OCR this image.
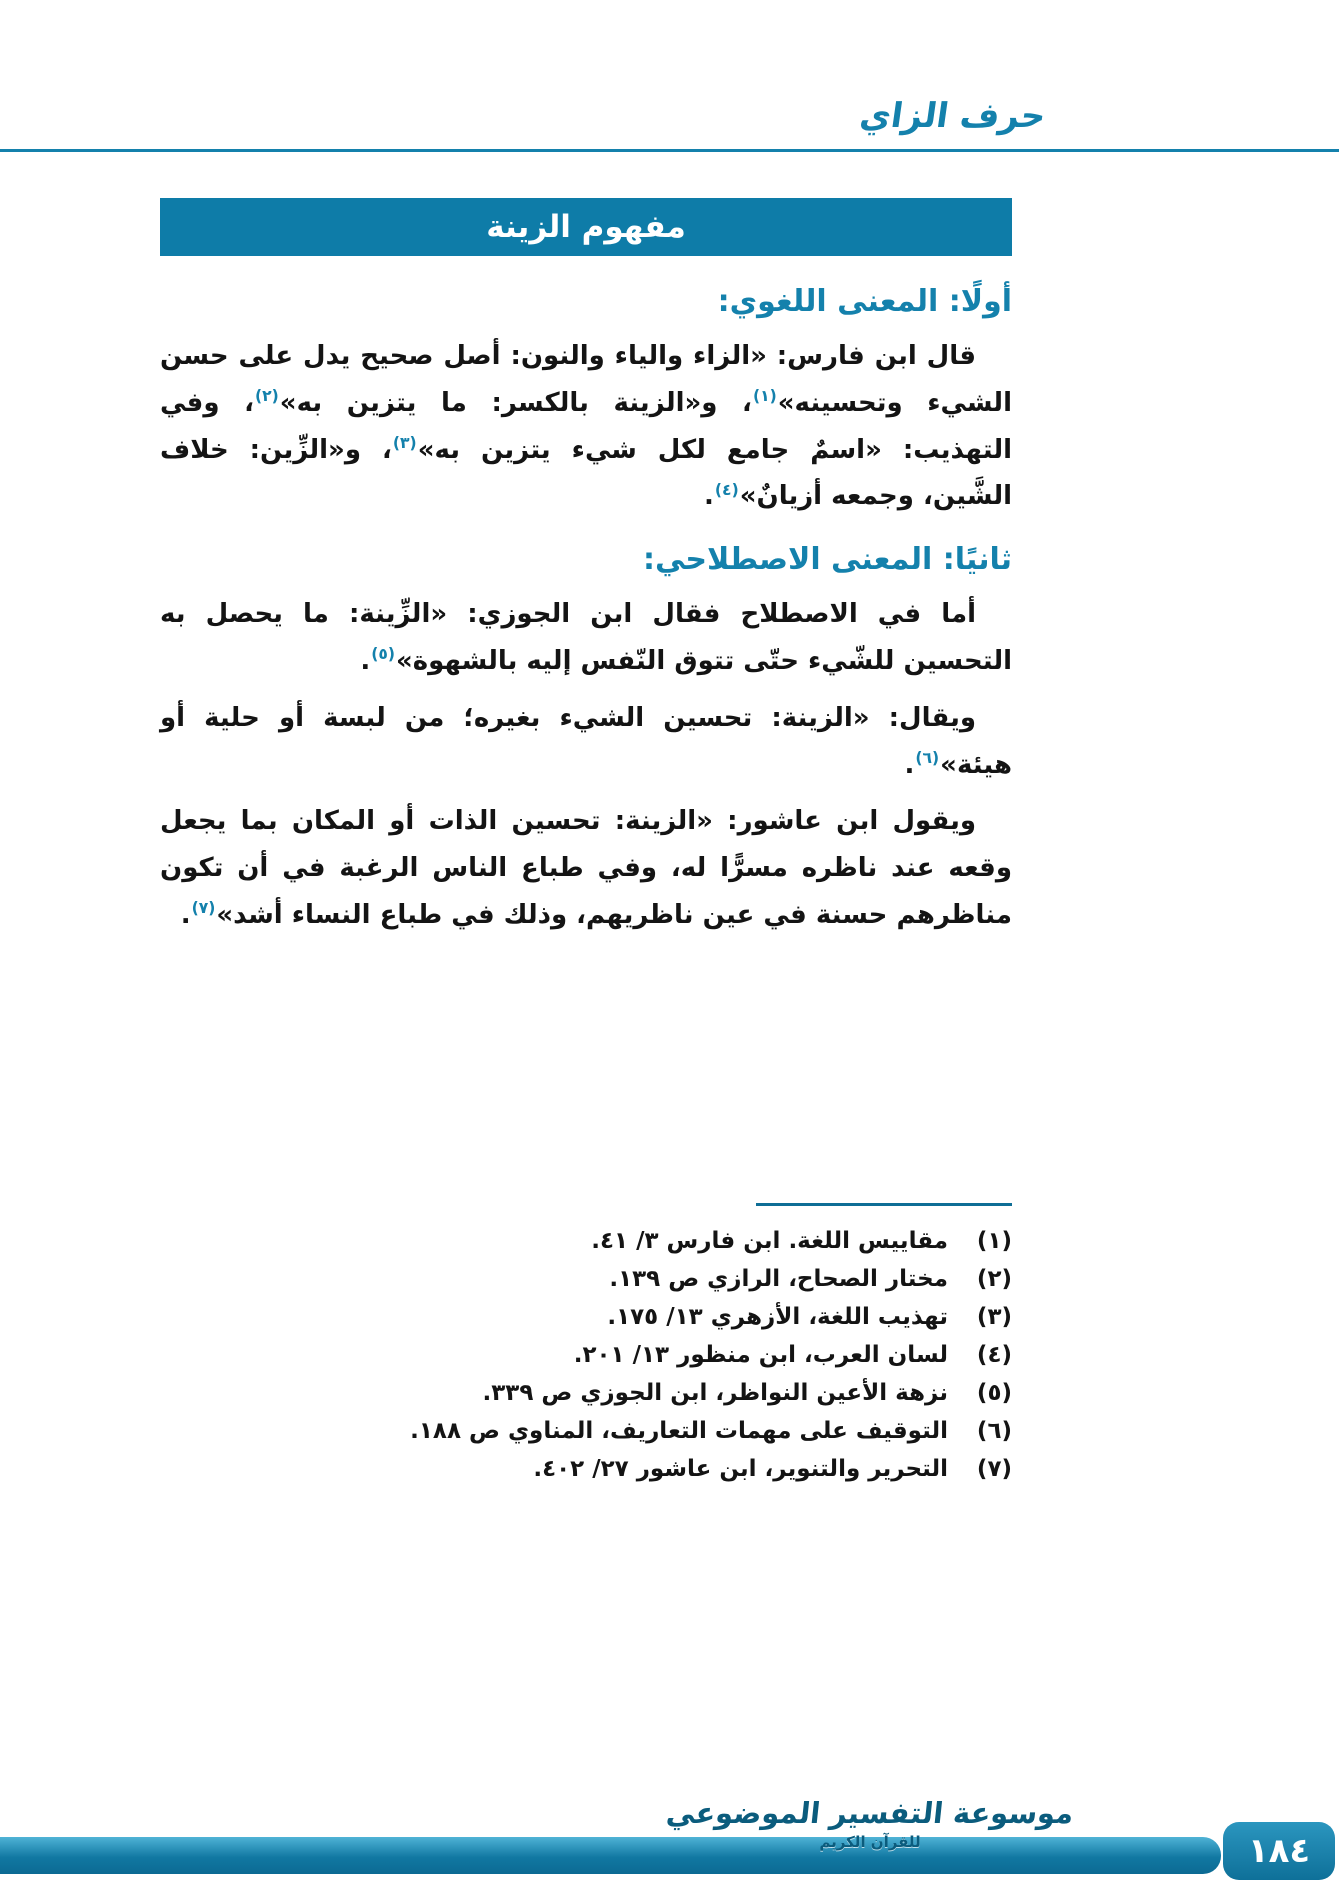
حرف الزاي
مفهوم الزينة
أولًا: المعنى اللغوي:

قال ابن فارس: «الزاء والياء والنون: أصل صحيح يدل على حسن الشيء وتحسينه»$^{(١)}$، و«الزينة بالكسر: ما يتزين به»$^{(٢)}$، وفي التهذيب: «اسمٌ جامع لكل شيء يتزين به»$^{(٣)}$، و«الزِّين: خلاف الشَّين، وجمعه أزيانٌ»$^{(٤)}$.

ثانيًا: المعنى الاصطلاحي:

أما في الاصطلاح فقال ابن الجوزي: «الزِّينة: ما يحصل به التحسين للشّيء حتّى تتوق النّفس إليه بالشهوة»$^{(٥)}$.

ويقال: «الزينة: تحسين الشيء بغيره؛ من لبسة أو حلية أو هيئة»$^{(٦)}$.

ويقول ابن عاشور: «الزينة: تحسين الذات أو المكان بما يجعل وقعه عند ناظره مسرًّا له، وفي طباع الناس الرغبة في أن تكون مناظرهم حسنة في عين ناظريهم، وذلك في طباع النساء أشد»$^{(٧)}$.

(١)
مقاييس اللغة. ابن فارس ٣/ ٤١.
(٢)
مختار الصحاح، الرازي ص ١٣٩.
(٣)
تهذيب اللغة، الأزهري ١٣/ ١٧٥.
(٤)
لسان العرب، ابن منظور ١٣/ ٢٠١.
(٥)
نزهة الأعين النواظر، ابن الجوزي ص ٣٣٩.
(٦)
التوقيف على مهمات التعاريف، المناوي ص ١٨٨.
(٧)
التحرير والتنوير، ابن عاشور ٢٧/ ٤٠٢.
موسوعة التفسير الموضوعي
للقرآن الكريم	١٨٤
